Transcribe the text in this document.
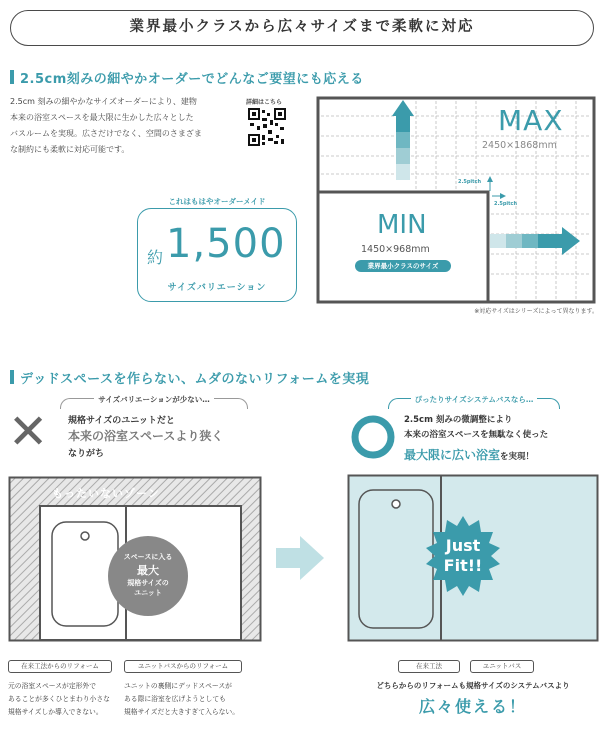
業界最小クラスから広々サイズまで柔軟に対応
2.5cm刻みの細やかオーダーでどんなご要望にも応える
2.5cm 刻みの細やかなサイズオーダーにより、建物
本来の浴室スペースを最大限に生かした広々とした
バスルームを実現。広さだけでなく、空間のさまざま
な制約にも柔軟に対応可能です。
詳細はこちら
これはもはやオーダーメイド
約 1,500
サイズバリエーション
MAX
2450×1868mm
MIN
1450×968mm
業界最小クラスのサイズ
2.5pitch
2.5pitch
※対応サイズはシリーズによって異なります。
デッドスペースを作らない、ムダのないリフォームを実現
サイズバリエーションが少ない…
✕ 規格サイズのユニットだと
本来の浴室スペースより狭く
なりがち
もったいないゾーン
スペースに入る
最大
規格サイズの
ユニット
在来工法からのリフォーム	ユニットバスからのリフォーム
元の浴室スペースが定形外で
あることが多くひとまわり小さな
規格サイズしか導入できない。
ユニットの裏側にデッドスペースが
ある際に浴室を広げようとしても
規格サイズだと大きすぎて入らない。
ぴったりサイズシステムバスなら…
2.5cm 刻みの微調整により
本来の浴室スペースを無駄なく使った
最大限に広い浴室を実現！
Just
Fit!!
在来工法	ユニットバス
どちらからのリフォームも規格サイズのシステムバスより
広々使える！
